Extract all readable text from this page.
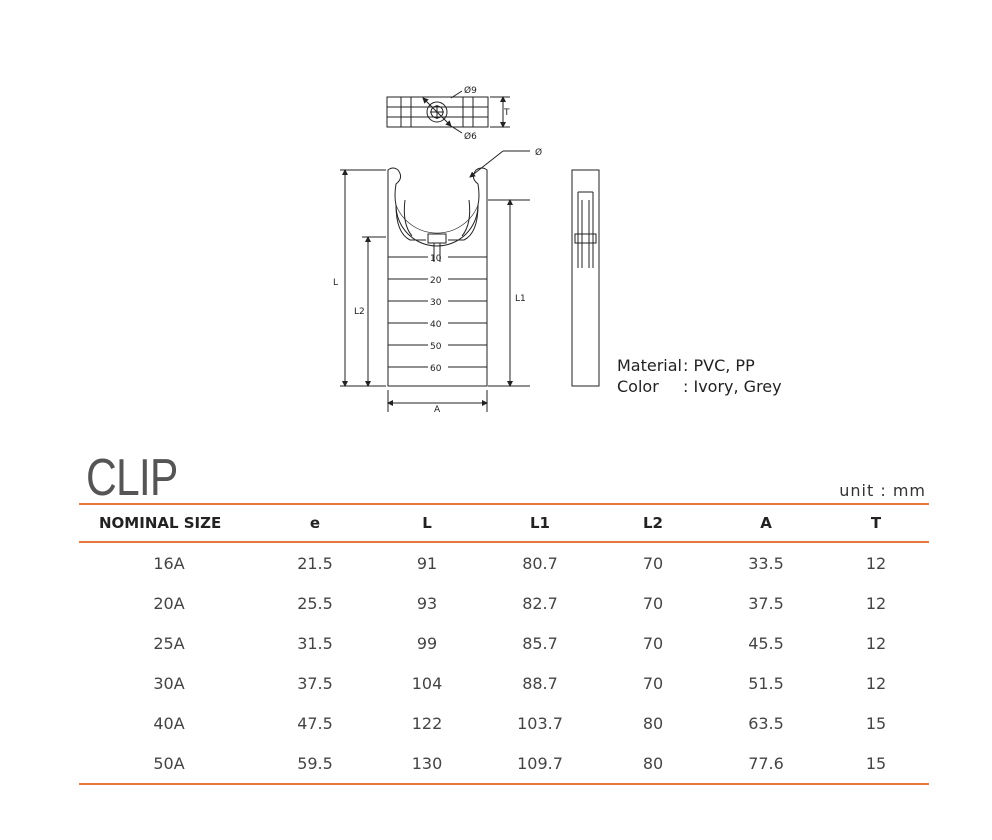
Ø9
Ø6
T
10
20
30
40
50
60
L
L2
L1
A
Ø
Material : PVC, PP
Color	: Ivory, Grey
CLIP	unit : mm
NOMINAL SIZE	e	L	L1	L2	A	T
16A	21.5	91	80.7	70	33.5	12
20A	25.5	93	82.7	70	37.5	12
25A	31.5	99	85.7	70	45.5	12
30A	37.5	104	88.7	70	51.5	12
40A	47.5	122	103.7	80	63.5	15
50A	59.5	130	109.7	80	77.6	15
